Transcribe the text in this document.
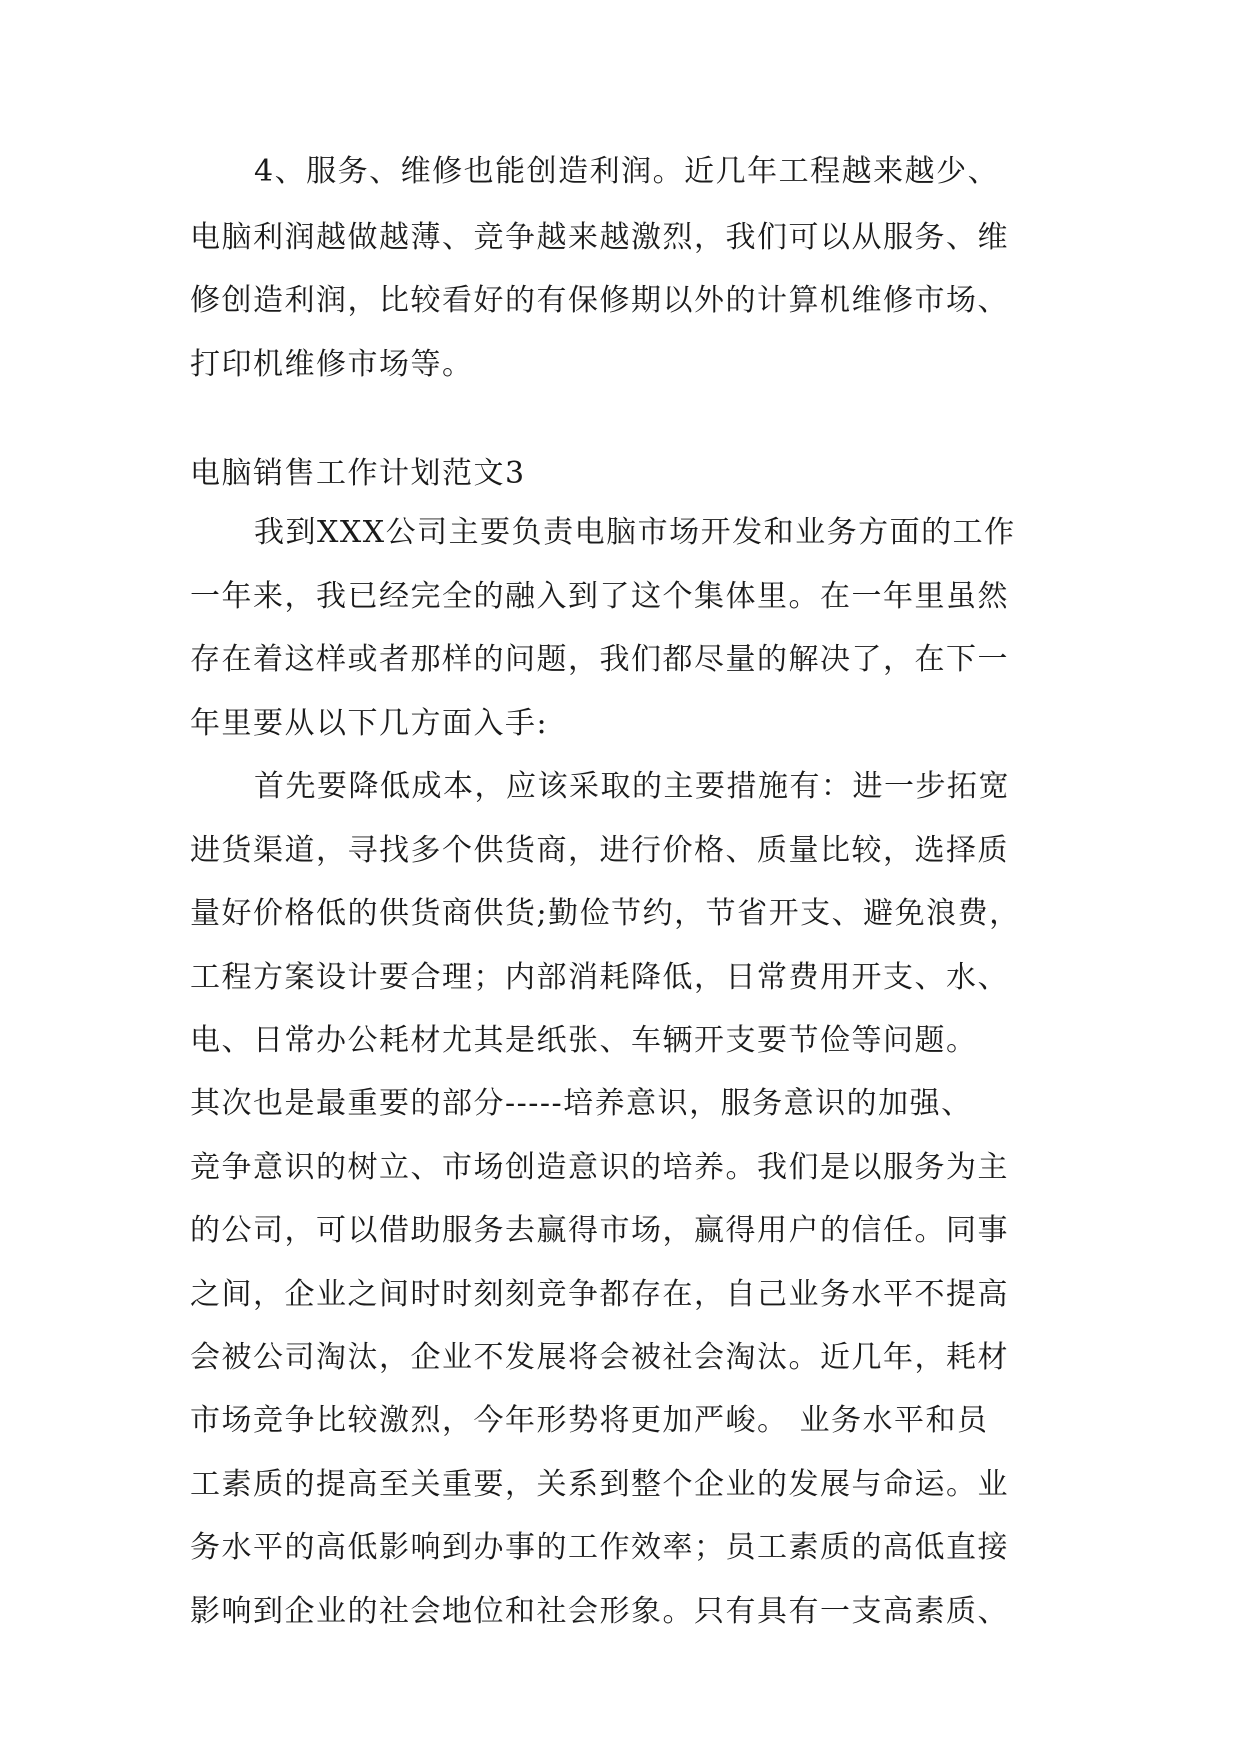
4、服务、维修也能创造利润。近几年工程越来越少、
电脑利润越做越薄、竞争越来越激烈，我们可以从服务、维
修创造利润，比较看好的有保修期以外的计算机维修市场、
打印机维修市场等。
电脑销售工作计划范文3
我到XXX公司主要负责电脑市场开发和业务方面的工作
一年来，我已经完全的融入到了这个集体里。在一年里虽然
存在着这样或者那样的问题，我们都尽量的解决了，在下一
年里要从以下几方面入手:
首先要降低成本，应该采取的主要措施有：进一步拓宽
进货渠道，寻找多个供货商，进行价格、质量比较，选择质
量好价格低的供货商供货;勤俭节约，节省开支、避免浪费，
工程方案设计要合理；内部消耗降低，日常费用开支、水、
电、日常办公耗材尤其是纸张、车辆开支要节俭等问题。
其次也是最重要的部分-----培养意识，服务意识的加强、
竞争意识的树立、市场创造意识的培养。我们是以服务为主
的公司，可以借助服务去赢得市场，赢得用户的信任。同事
之间，企业之间时时刻刻竞争都存在，自己业务水平不提高
会被公司淘汰，企业不发展将会被社会淘汰。近几年，耗材
市场竞争比较激烈，今年形势将更加严峻。 业务水平和员
工素质的提高至关重要，关系到整个企业的发展与命运。业
务水平的高低影响到办事的工作效率；员工素质的高低直接
影响到企业的社会地位和社会形象。只有具有一支高素质、
